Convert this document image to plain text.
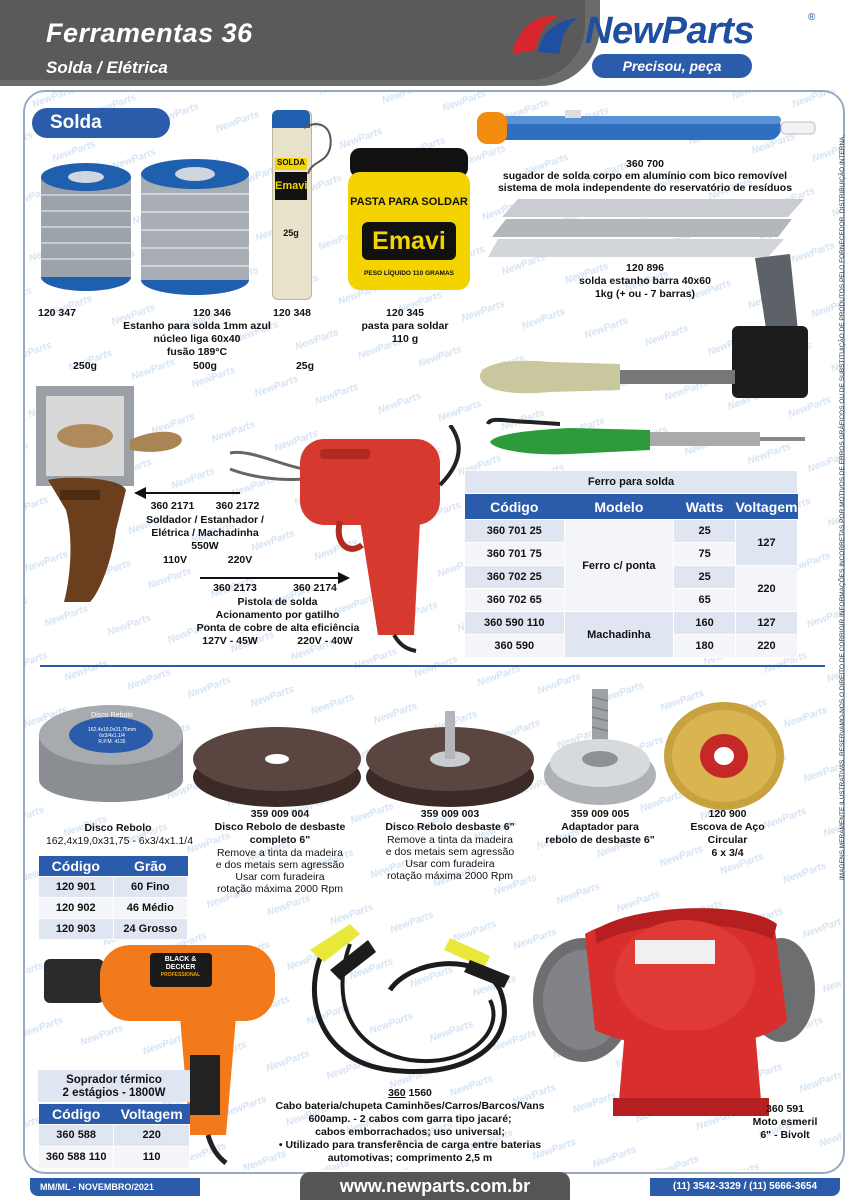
Ferramentas 36
Solda / Elétrica
NewParts	®
Precisou, peça
Solda
IMAGENS MERAMENTE ILUSTRATIVAS. RESERVAMO-NOS O DIREITO DE CORRIGIR INFORMAÇÕES INCORRETAS POR MOTIVOS DE ERROS GRÁFICOS OU DE SUBSTITUIÇÃO DE PRODUTOS PELO FORNECEDOR. DISTRIBUIÇÃO INTERNA.
SOLDA
Emavi
25g
PASTA PARA SOLDAR
Emavi
PESO LÍQUIDO 110 GRAMAS
120 347	120 346	120 348
Estanho para solda 1mm azul
núcleo liga 60x40
fusão 189°C
250g	500g	25g
120 345
pasta para soldar
110 g
360 700
sugador de solda corpo em alumínio com bico removível
sistema de mola independente do reservatório de resíduos
120 896
solda estanho barra 40x60
1kg (+ ou - 7 barras)
Ferro para solda			
Código	Modelo	Watts	Voltagem
360 701 25	Ferro c/ ponta	25	127
360 701 75		75	
360 702 25		25	220
360 702 65		65	
360 590 110	Machadinha	160	127
360 590		180	220
360 2171	360 2172
Soldador / Estanhador /
Elétrica / Machadinha
550W
110V	220V
360 2173	360 2174
Pistola de solda
Acionamento por gatilho
Ponta de cobre de alta eficiência
127V - 45W	220V - 40W
Disco Rebolo
162,4x19,0x31,75mm
6x3/4x1.1/4
R.P.M. 4135
Disco Rebolo
162,4x19,0x31,75 - 6x3/4x1.1/4
Código	Grão
120 901	60 Fino
120 902	46 Médio
120 903	24 Grosso
359 009 004
Disco Rebolo de desbaste
completo 6"
Remove a tinta da madeira
e dos metais sem agressão
Usar com furadeira
rotação máxima 2000 Rpm
359 009 003
Disco Rebolo desbaste 6"
Remove a tinta da madeira
e dos metais sem agressão
Usar com furadeira
rotação máxima 2000 Rpm
359 009 005
Adaptador para
rebolo de desbaste 6"
120 900
Escova de Aço
Circular
6 x 3/4
BLACK &
DECKER
PROFESSIONAL
Soprador térmico
2 estágios - 1800W
Código	Voltagem
360 588	220
360 588 110	110
360 1560
Cabo bateria/chupeta Caminhões/Carros/Barcos/Vans
600amp. - 2 cabos com garra tipo jacaré;
cabos emborrachados; uso universal;
• Utilizado para transferência de carga entre baterias
automotivas; comprimento 2,5 m
360 591
Moto esmeril
6" - Bivolt
MM/ML - NOVEMBRO/2021	www.newparts.com.br	(11) 3542-3329 / (11) 5666-3654
